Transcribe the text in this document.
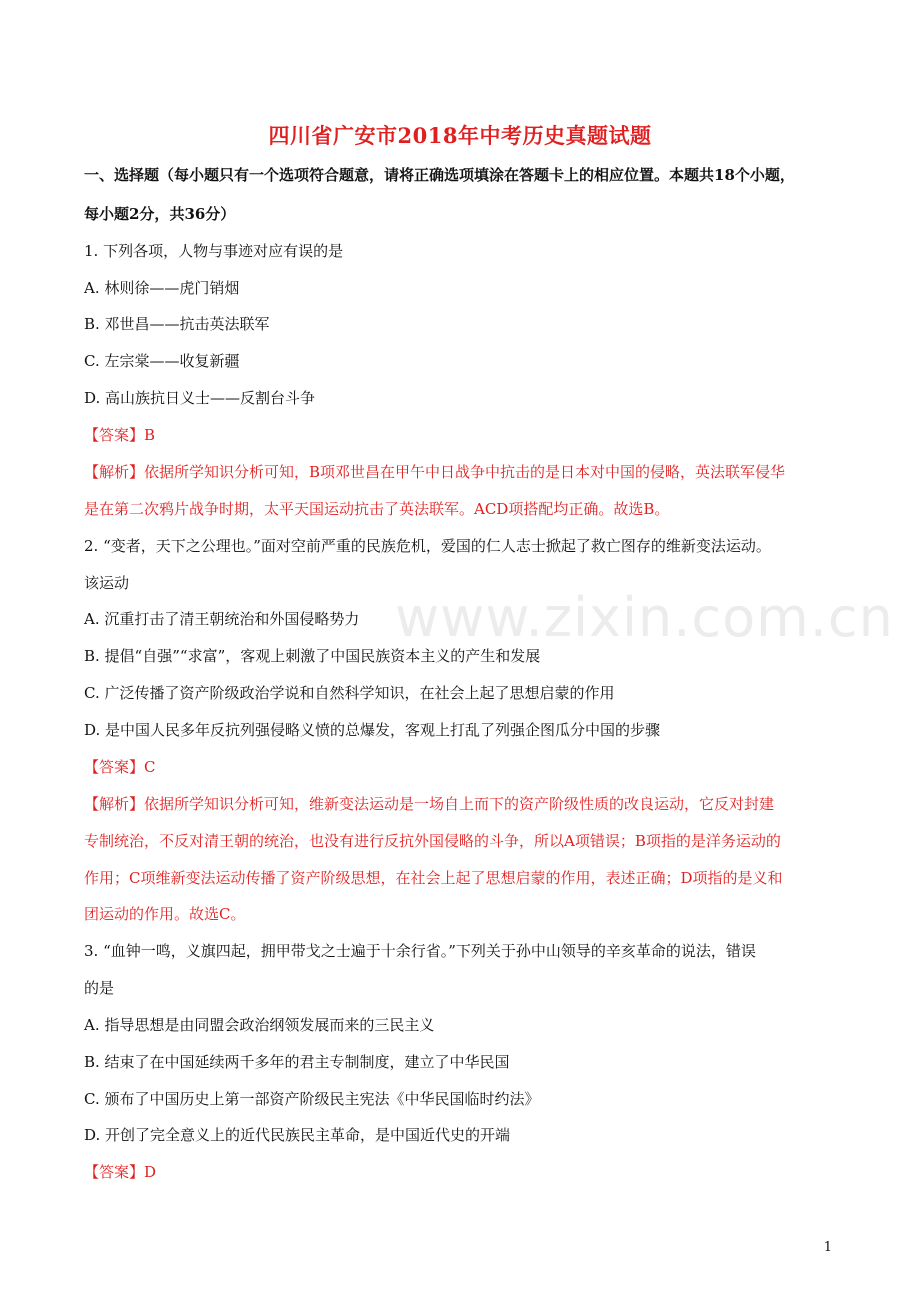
www.zixin.com.cn
四川省广安市2018年中考历史真题试题
一、选择题（每小题只有一个选项符合题意，请将正确选项填涂在答题卡上的相应位置。本题共18个小题，
每小题2分，共36分）
1. 下列各项，人物与事迹对应有误的是
A. 林则徐——虎门销烟
B. 邓世昌——抗击英法联军
C. 左宗棠——收复新疆
D. 高山族抗日义士——反割台斗争
【答案】B
【解析】依据所学知识分析可知，B项邓世昌在甲午中日战争中抗击的是日本对中国的侵略，英法联军侵华
是在第二次鸦片战争时期，太平天国运动抗击了英法联军。ACD项搭配均正确。故选B。
2. “变者，天下之公理也。”面对空前严重的民族危机，爱国的仁人志士掀起了救亡图存的维新变法运动。
该运动
A. 沉重打击了清王朝统治和外国侵略势力
B. 提倡“自强”“求富”，客观上刺激了中国民族资本主义的产生和发展
C. 广泛传播了资产阶级政治学说和自然科学知识，在社会上起了思想启蒙的作用
D. 是中国人民多年反抗列强侵略义愤的总爆发，客观上打乱了列强企图瓜分中国的步骤
【答案】C
【解析】依据所学知识分析可知，维新变法运动是一场自上而下的资产阶级性质的改良运动，它反对封建
专制统治，不反对清王朝的统治，也没有进行反抗外国侵略的斗争，所以A项错误；B项指的是洋务运动的
作用；C项维新变法运动传播了资产阶级思想，在社会上起了思想启蒙的作用，表述正确；D项指的是义和
团运动的作用。故选C。
3. “血钟一鸣，义旗四起，拥甲带戈之士遍于十余行省。”下列关于孙中山领导的辛亥革命的说法，错误
的是
A. 指导思想是由同盟会政治纲领发展而来的三民主义
B. 结束了在中国延续两千多年的君主专制制度，建立了中华民国
C. 颁布了中国历史上第一部资产阶级民主宪法《中华民国临时约法》
D. 开创了完全意义上的近代民族民主革命，是中国近代史的开端
【答案】D
1
